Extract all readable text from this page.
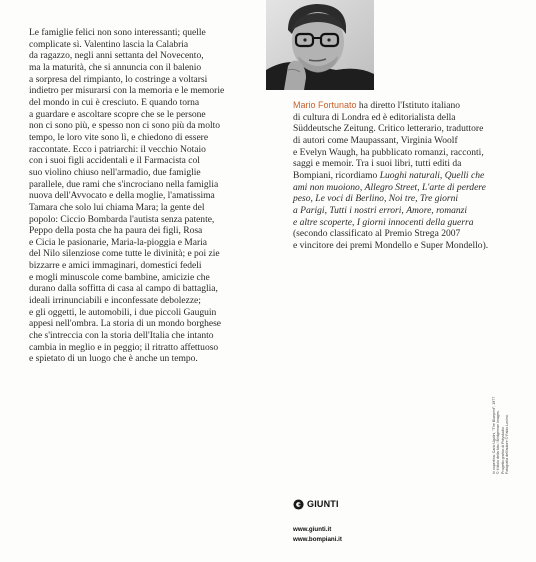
Le famiglie felici non sono interessanti; quelle
complicate sì. Valentino lascia la Calabria
da ragazzo, negli anni settanta del Novecento,
ma la maturità, che si annuncia con il balenio
a sorpresa del rimpianto, lo costringe a voltarsi
indietro per misurarsi con la memoria e le memorie
del mondo in cui è cresciuto. E quando torna
a guardare e ascoltare scopre che se le persone
non ci sono più, e spesso non ci sono più da molto
tempo, le loro vite sono lì, e chiedono di essere
raccontate. Ecco i patriarchi: il vecchio Notaio
con i suoi figli accidentali e il Farmacista col
suo violino chiuso nell'armadio, due famiglie
parallele, due rami che s'incrociano nella famiglia
nuova dell'Avvocato e della moglie, l'amatissima
Tamara che solo lui chiama Mara; la gente del
popolo: Ciccio Bombarda l'autista senza patente,
Peppo della posta che ha paura dei figli, Rosa
e Cicia le pasionarie, Maria-la-pioggia e Maria
del Nilo silenziose come tutte le divinità; e poi zie
bizzarre e amici immaginari, domestici fedeli
e mogli minuscole come bambine, amicizie che
durano dalla soffitta di casa al campo di battaglia,
ideali irrinunciabili e inconfessate debolezze;
e gli oggetti, le automobili, i due piccoli Gauguin
appesi nell'ombra. La storia di un mondo borghese
che s'intreccia con la storia dell'Italia che intanto
cambia in meglio e in peggio; il ritratto affettuoso
e spietato di un luogo che è anche un tempo.
Mario Fortunato ha diretto l'Istituto italiano
di cultura di Londra ed è editorialista della
Süddeutsche Zeitung. Critico letterario, traduttore
di autori come Maupassant, Virginia Woolf
e Evelyn Waugh, ha pubblicato romanzi, racconti,
saggi e memoir. Tra i suoi libri, tutti editi da
Bompiani, ricordiamo Luoghi naturali, Quelli che
ami non muoiono, Allegro Street, L'arte di perdere
peso, Le voci di Berlino, Noi tre, Tre giorni
a Parigi, Tutti i nostri errori, Amore, romanzi
e altre scoperte, I giorni innocenti della guerra
(secondo classificato al Premio Strega 2007
e vincitore dei premi Mondello e Super Mondello).
GIUNTI
www.giunti.it
www.bompiani.it
In copertina: Carlo Ugolini, "The Blueprint", 1977 © Il titolo della foto / Bridgeman Images. Progetto grafico di Polystudio. Fotografia dell'autore © Fabio Lovino.
